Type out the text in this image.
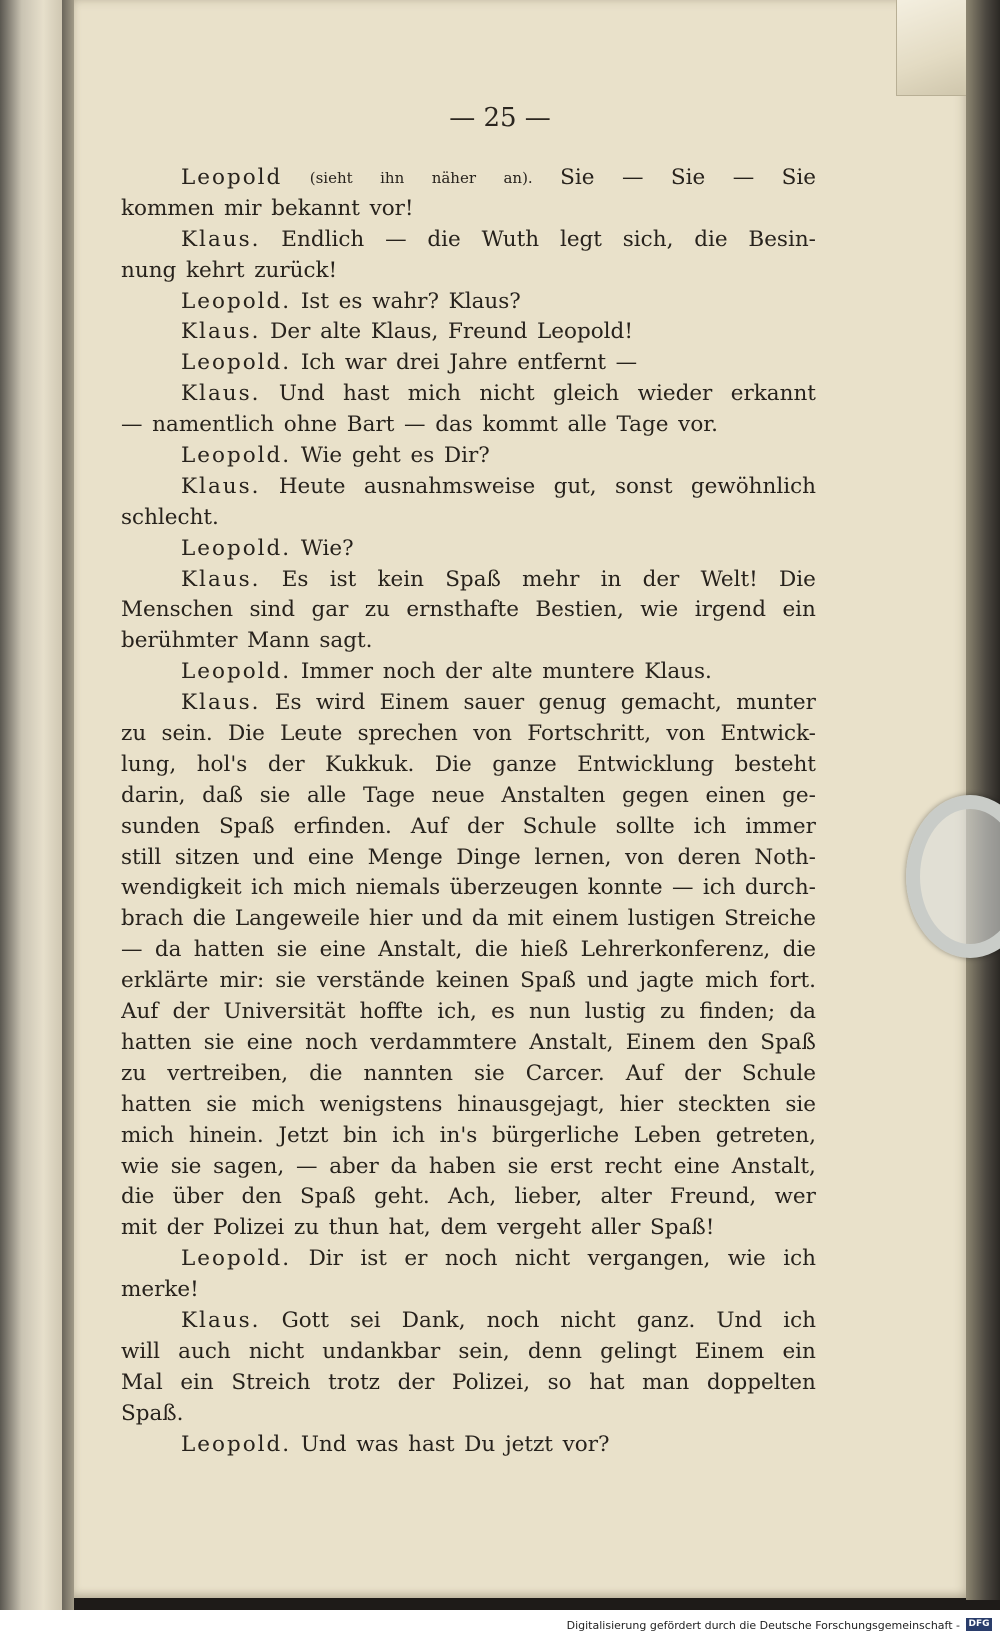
— 25 —
Leopold (sieht ihn näher an). Sie — Sie — Sie
kommen mir bekannt vor!
Klaus. Endlich — die Wuth legt sich, die Besin-
nung kehrt zurück!
Leopold. Ist es wahr? Klaus?
Klaus. Der alte Klaus, Freund Leopold!
Leopold. Ich war drei Jahre entfernt —
Klaus. Und hast mich nicht gleich wieder erkannt
— namentlich ohne Bart — das kommt alle Tage vor.
Leopold. Wie geht es Dir?
Klaus. Heute ausnahmsweise gut, sonst gewöhnlich
schlecht.
Leopold. Wie?
Klaus. Es ist kein Spaß mehr in der Welt! Die
Menschen sind gar zu ernsthafte Bestien, wie irgend ein
berühmter Mann sagt.
Leopold. Immer noch der alte muntere Klaus.
Klaus. Es wird Einem sauer genug gemacht, munter
zu sein. Die Leute sprechen von Fortschritt, von Entwick-
lung, hol's der Kukkuk. Die ganze Entwicklung besteht
darin, daß sie alle Tage neue Anstalten gegen einen ge-
sunden Spaß erfinden. Auf der Schule sollte ich immer
still sitzen und eine Menge Dinge lernen, von deren Noth-
wendigkeit ich mich niemals überzeugen konnte — ich durch-
brach die Langeweile hier und da mit einem lustigen Streiche
— da hatten sie eine Anstalt, die hieß Lehrerkonferenz, die
erklärte mir: sie verstände keinen Spaß und jagte mich fort.
Auf der Universität hoffte ich, es nun lustig zu finden; da
hatten sie eine noch verdammtere Anstalt, Einem den Spaß
zu vertreiben, die nannten sie Carcer. Auf der Schule
hatten sie mich wenigstens hinausgejagt, hier steckten sie
mich hinein. Jetzt bin ich in's bürgerliche Leben getreten,
wie sie sagen, — aber da haben sie erst recht eine Anstalt,
die über den Spaß geht. Ach, lieber, alter Freund, wer
mit der Polizei zu thun hat, dem vergeht aller Spaß!
Leopold. Dir ist er noch nicht vergangen, wie ich
merke!
Klaus. Gott sei Dank, noch nicht ganz. Und ich
will auch nicht undankbar sein, denn gelingt Einem ein
Mal ein Streich trotz der Polizei, so hat man doppelten
Spaß.
Leopold. Und was hast Du jetzt vor?
Digitalisierung gefördert durch die Deutsche Forschungsgemeinschaft - DFG
